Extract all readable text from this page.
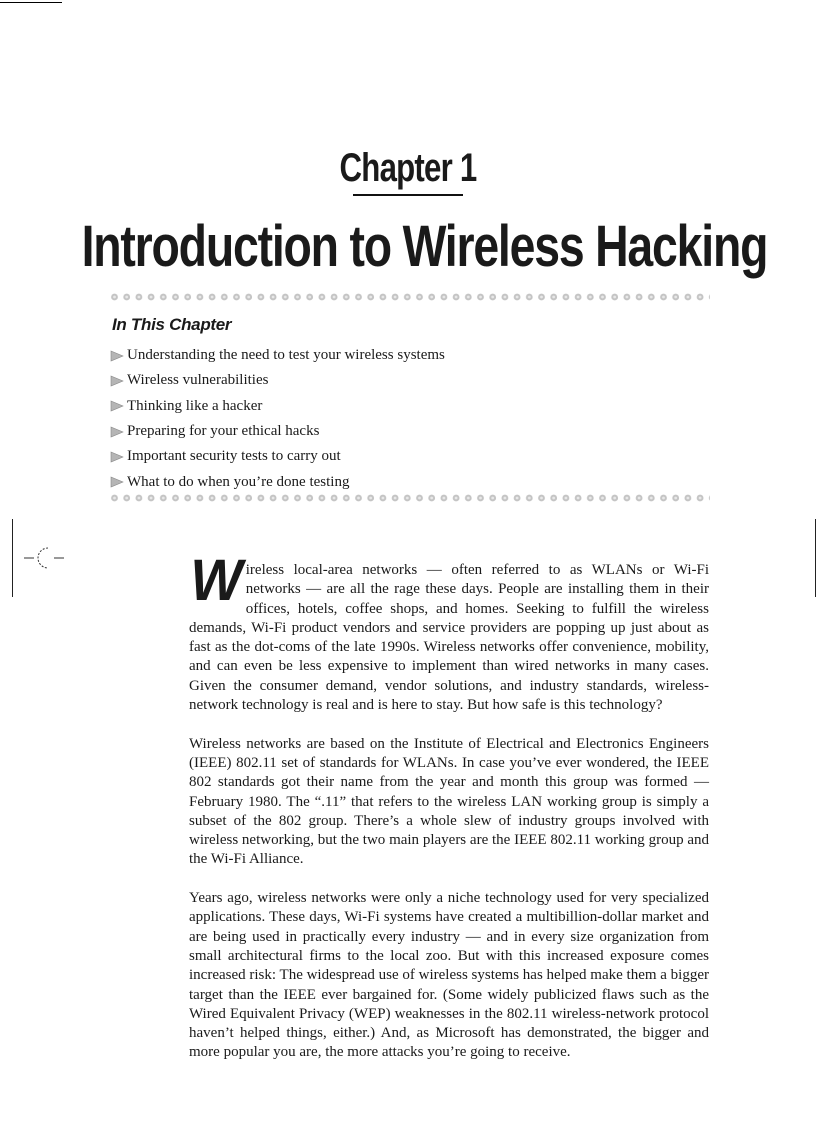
Chapter 1
Introduction to Wireless Hacking
In This Chapter
Understanding the need to test your wireless systems
Wireless vulnerabilities
Thinking like a hacker
Preparing for your ethical hacks
Important security tests to carry out
What to do when you’re done testing

Wireless local-area networks — often referred to as WLANs or Wi-Fi networks — are all the rage these days. People are installing them in their offices, hotels, coffee shops, and homes. Seeking to fulfill the wireless demands, Wi-Fi product vendors and service providers are popping up just about as fast as the dot-coms of the late 1990s. Wireless networks offer convenience, mobility, and can even be less expensive to implement than wired networks in many cases. Given the consumer demand, vendor solutions, and industry standards, wireless-network technology is real and is here to stay. But how safe is this technology?

Wireless networks are based on the Institute of Electrical and Electronics Engineers (IEEE) 802.11 set of standards for WLANs. In case you’ve ever wondered, the IEEE 802 standards got their name from the year and month this group was formed — February 1980. The “.11” that refers to the wireless LAN working group is simply a subset of the 802 group. There’s a whole slew of industry groups involved with wireless networking, but the two main players are the IEEE 802.11 working group and the Wi-Fi Alliance.

Years ago, wireless networks were only a niche technology used for very specialized applications. These days, Wi-Fi systems have created a multibillion-dollar market and are being used in practically every industry — and in every size organization from small architectural firms to the local zoo. But with this increased exposure comes increased risk: The widespread use of wireless systems has helped make them a bigger target than the IEEE ever bargained for. (Some widely publicized flaws such as the Wired Equivalent Privacy (WEP) weaknesses in the 802.11 wireless-network protocol haven’t helped things, either.) And, as Microsoft has demonstrated, the bigger and more popular you are, the more attacks you’re going to receive.
